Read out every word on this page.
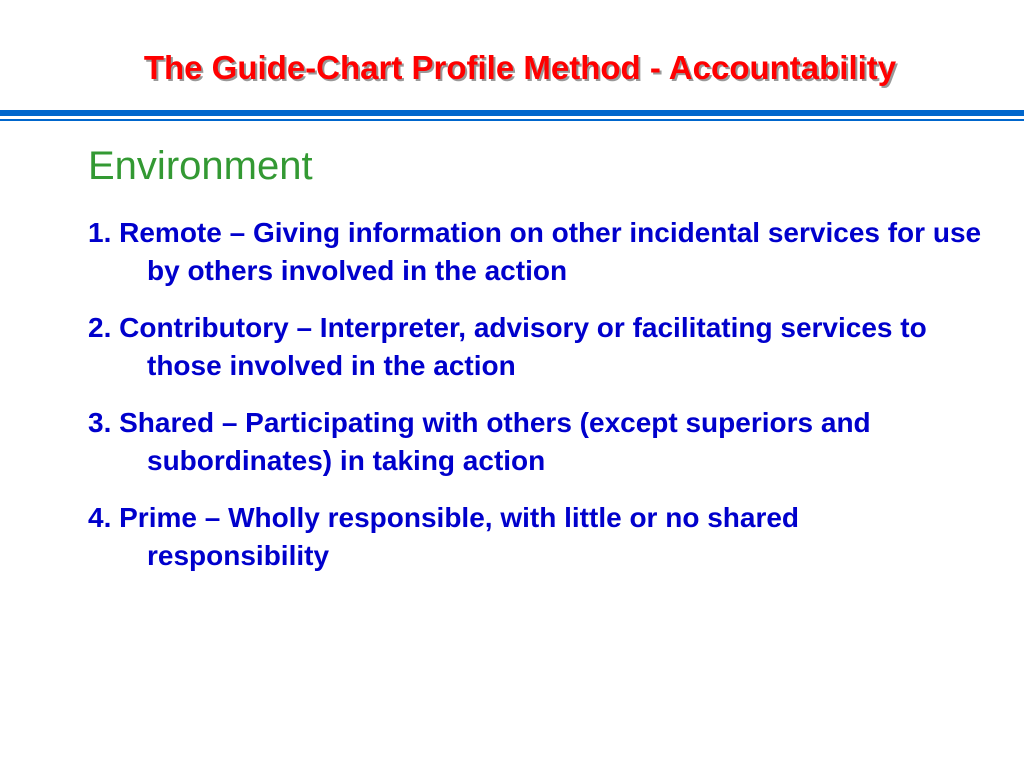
The Guide-Chart Profile Method - Accountability
Environment
1. Remote – Giving information on other incidental services for use by others involved in the action
2. Contributory – Interpreter, advisory or facilitating services to those involved in the action
3. Shared – Participating with others (except superiors and subordinates) in taking action
4. Prime – Wholly responsible, with little or no shared responsibility
